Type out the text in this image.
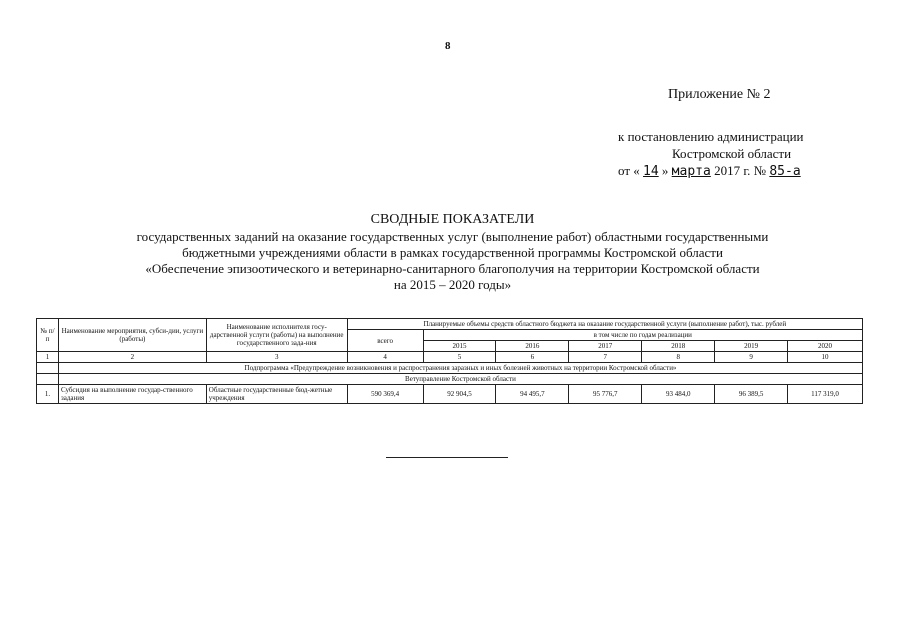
8
Приложение № 2
к постановлению администрации
Костромской области
от « 14 » марта 2017 г. № 85-а
СВОДНЫЕ ПОКАЗАТЕЛИ
государственных заданий на оказание государственных услуг (выполнение работ) областными государственными
бюджетными учреждениями области в рамках государственной программы Костромской области
«Обеспечение эпизоотического и ветеринарно-санитарного благополучия на территории Костромской области
на 2015 – 2020 годы»
№ п/п	Наименование мероприятия, субси-дии, услуги (работы)	Наименование исполнителя госу-дарственной услуги (работы) на выполнение государственного зада-ния	Планируемые объемы средств областного бюджета на оказание государственной услуги (выполнение работ), тыс. рублей						
			всего	в том числе по годам реализации					
				2015	2016	2017	2018	2019	2020
1	2	3	4	5	6	7	8	9	10
	Подпрограмма «Предупреждение возникновения и распространения заразных и иных болезней животных на территории Костромской области»								
	Ветуправление Костромской области								
1.	Субсидия на выполнение государ-ственного задания	Областные государственные бюд-жетные учреждения	590 369,4	92 904,5	94 495,7	95 776,7	93 484,0	96 389,5	117 319,0
